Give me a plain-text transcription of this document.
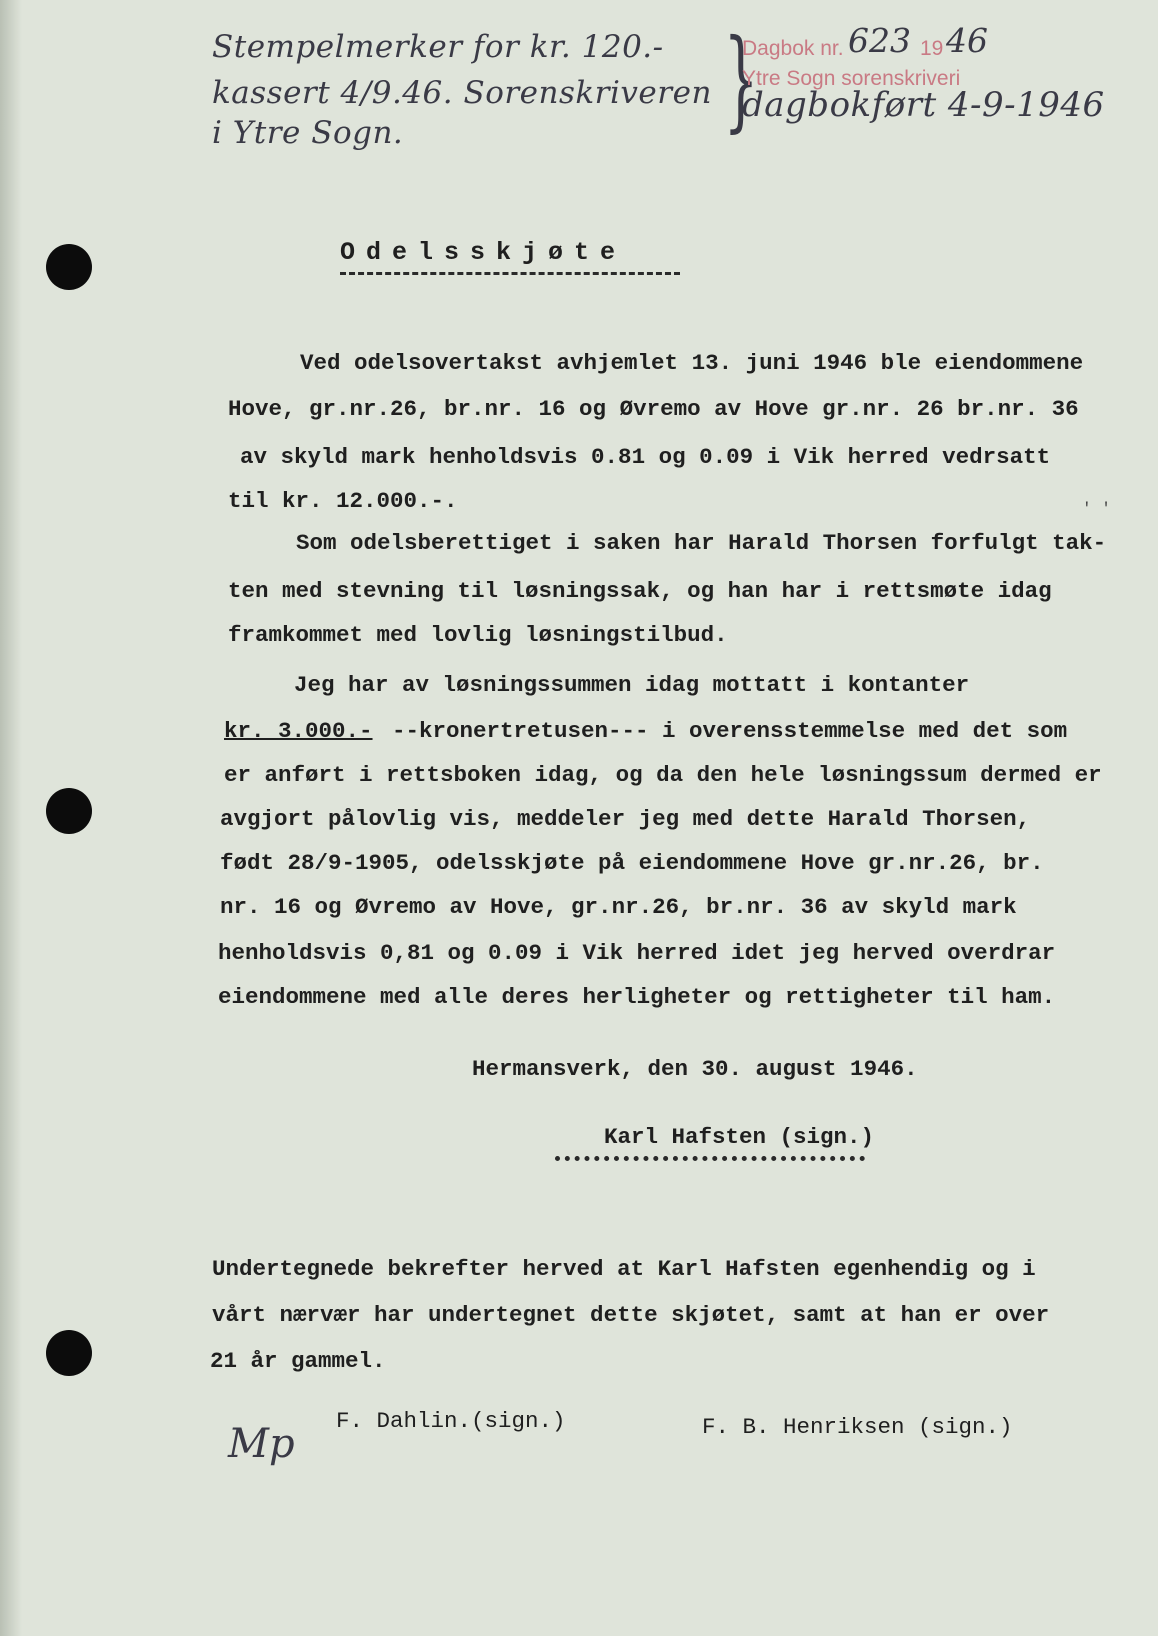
Stempelmerker for kr. 120.-
kassert 4/9.46. Sorenskriveren
i Ytre Sogn.	}
Dagbok nr. 623 19 46
Ytre Sogn sorenskriveri
dagbokført 4-9-1946
Odelsskjøte
Ved odelsovertakst avhjemlet 13. juni 1946 ble eiendommene
Hove, gr.nr.26, br.nr. 16 og Øvremo av Hove gr.nr. 26 br.nr. 36
av skyld mark henholdsvis 0.81 og 0.09 i Vik herred vedrsatt
til kr. 12.000.-.	' '
Som odelsberettiget i saken har Harald Thorsen forfulgt tak-
ten med stevning til løsningssak, og han har i rettsmøte idag
framkommet med lovlig løsningstilbud.
Jeg har av løsningssummen idag mottatt i kontanter
kr. 3.000.- --kronertretusen--- i overensstemmelse med det som
er anført i rettsboken idag, og da den hele løsningssum dermed er
avgjort pålovlig vis, meddeler jeg med dette Harald Thorsen,
født 28/9-1905, odelsskjøte på eiendommene Hove gr.nr.26, br.
nr. 16 og Øvremo av Hove, gr.nr.26, br.nr. 36 av skyld mark
henholdsvis 0,81 og 0.09 i Vik herred idet jeg herved overdrar
eiendommene med alle deres herligheter og rettigheter til ham.
Hermansverk, den 30. august 1946.
Karl Hafsten (sign.)
Undertegnede bekrefter herved at Karl Hafsten egenhendig og i
vårt nærvær har undertegnet dette skjøtet, samt at han er over
21 år gammel.
F. Dahlin.(sign.)	F. B. Henriksen (sign.)
Mp
